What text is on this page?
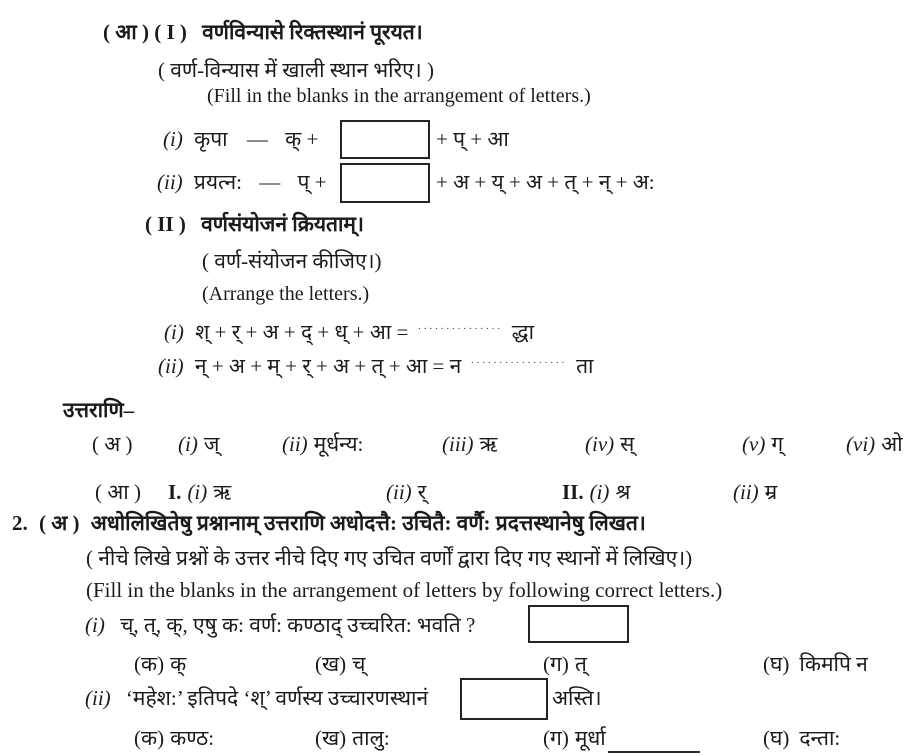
( आ ) ( I ) वर्णविन्यासे रिक्तस्थानं पूरयत।
( वर्ण-विन्यास में खाली स्थान भरिए। )
(Fill in the blanks in the arrangement of letters.)
(i) कृपा — क् +	+ प् + आ
(ii) प्रयत्न: — प् +	+ अ + य् + अ + त् + न् + अ:
( II ) वर्णसंयोजनं क्रियताम्।
( वर्ण-संयोजन कीजिए।)
(Arrange the letters.)
(i) श् + र् + अ + द् + ध् + आ = ··············· द्धा
(ii) न् + अ + म् + र् + अ + त् + आ = न ················· ता
उत्तराणि–
( अ ) (i) ज्	(ii) मूर्धन्य:	(iii) ऋ	(iv) स्	(v) ग्	(vi) ओ
( आ ) I. (i) ऋ	(ii) र्	II. (i) श्र	(ii) म्र
2. ( अ ) अधोलिखितेषु प्रश्नानाम् उत्तराणि अधोदत्तै: उचितै: वर्णै: प्रदत्तस्थानेषु लिखत।
( नीचे लिखे प्रश्नों के उत्तर नीचे दिए गए उचित वर्णों द्वारा दिए गए स्थानों में लिखिए।)
(Fill in the blanks in the arrangement of letters by following correct letters.)
(i) च्, त्, क्, एषु क: वर्ण: कण्ठाद् उच्चरित: भवति ?
(क) क्	(ख) च्	(ग) त्	(घ) किमपि न
(ii) ‘महेश:’ इतिपदे ‘श्’ वर्णस्य उच्चारणस्थानं	अस्ति।
(क) कण्ठ:	(ख) तालु:	(ग) मूर्धा	(घ) दन्ता:
